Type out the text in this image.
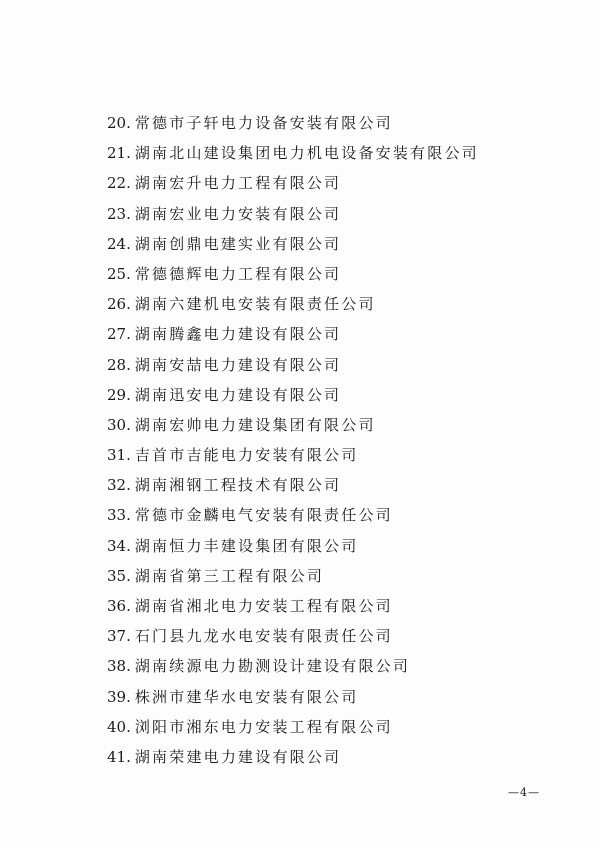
20. 常德市子轩电力设备安装有限公司
21. 湖南北山建设集团电力机电设备安装有限公司
22. 湖南宏升电力工程有限公司
23. 湖南宏业电力安装有限公司
24. 湖南创鼎电建实业有限公司
25. 常德德辉电力工程有限公司
26. 湖南六建机电安装有限责任公司
27. 湖南腾鑫电力建设有限公司
28. 湖南安喆电力建设有限公司
29. 湖南迅安电力建设有限公司
30. 湖南宏帅电力建设集团有限公司
31. 吉首市吉能电力安装有限公司
32. 湖南湘钢工程技术有限公司
33. 常德市金麟电气安装有限责任公司
34. 湖南恒力丰建设集团有限公司
35. 湖南省第三工程有限公司
36. 湖南省湘北电力安装工程有限公司
37. 石门县九龙水电安装有限责任公司
38. 湖南续源电力勘测设计建设有限公司
39. 株洲市建华水电安装有限公司
40. 浏阳市湘东电力安装工程有限公司
41. 湖南荣建电力建设有限公司
—4—
